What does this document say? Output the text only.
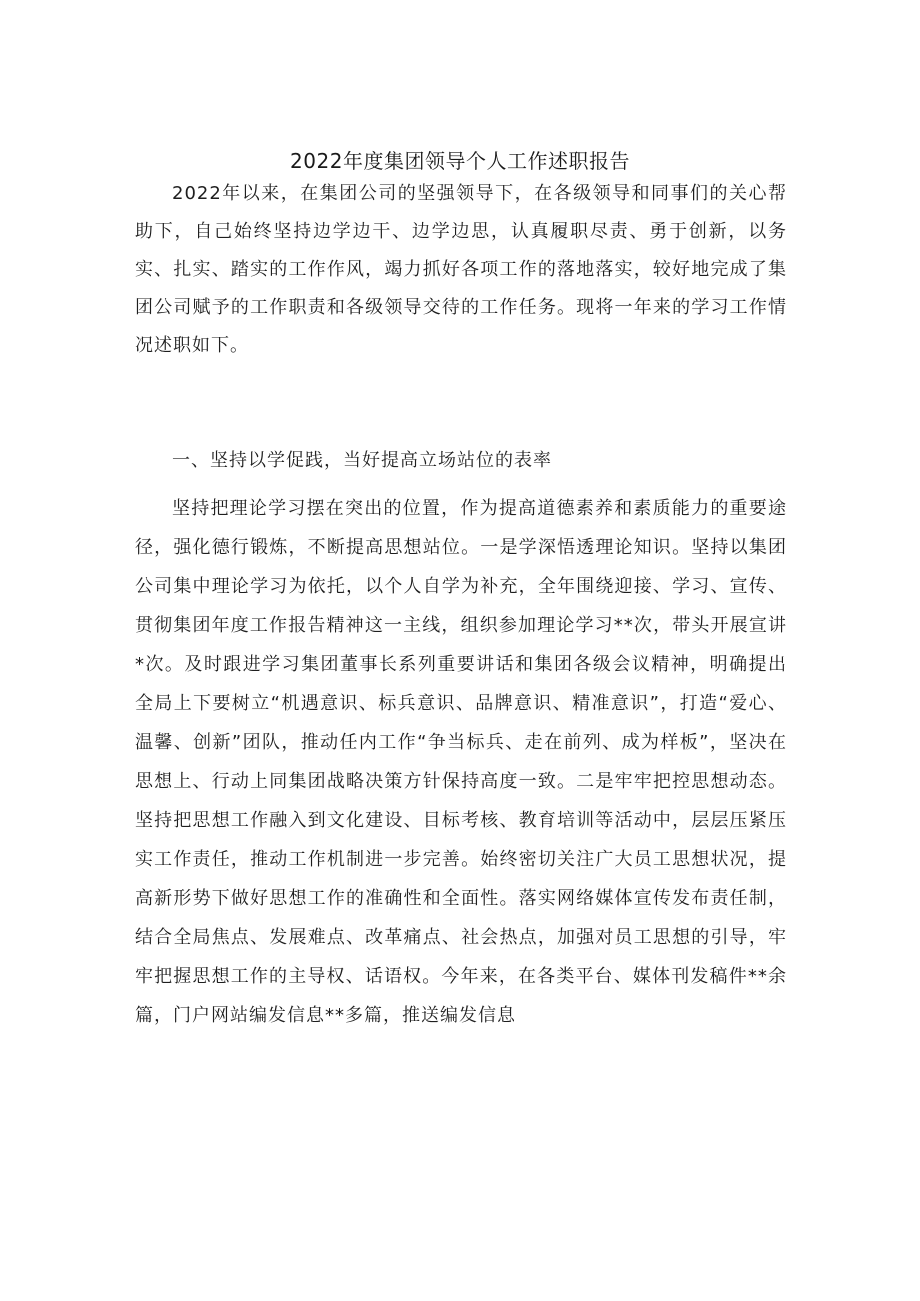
2022年度集团领导个人工作述职报告
2022年以来，在集团公司的坚强领导下，在各级领导和同事们的关心帮助下，自己始终坚持边学边干、边学边思，认真履职尽责、勇于创新，以务实、扎实、踏实的工作作风，竭力抓好各项工作的落地落实，较好地完成了集团公司赋予的工作职责和各级领导交待的工作任务。现将一年来的学习工作情况述职如下。
一、坚持以学促践，当好提高立场站位的表率
坚持把理论学习摆在突出的位置，作为提高道德素养和素质能力的重要途径，强化德行锻炼，不断提高思想站位。一是学深悟透理论知识。坚持以集团公司集中理论学习为依托，以个人自学为补充，全年围绕迎接、学习、宣传、贯彻集团年度工作报告精神这一主线，组织参加理论学习**次，带头开展宣讲*次。及时跟进学习集团董事长系列重要讲话和集团各级会议精神，明确提出全局上下要树立“机遇意识、标兵意识、品牌意识、精准意识”，打造“爱心、温馨、创新”团队，推动任内工作“争当标兵、走在前列、成为样板”，坚决在思想上、行动上同集团战略决策方针保持高度一致。二是牢牢把控思想动态。坚持把思想工作融入到文化建设、目标考核、教育培训等活动中，层层压紧压实工作责任，推动工作机制进一步完善。始终密切关注广大员工思想状况，提高新形势下做好思想工作的准确性和全面性。落实网络媒体宣传发布责任制，结合全局焦点、发展难点、改革痛点、社会热点，加强对员工思想的引导，牢牢把握思想工作的主导权、话语权。今年来，在各类平台、媒体刊发稿件**余篇，门户网站编发信息**多篇，推送编发信息
